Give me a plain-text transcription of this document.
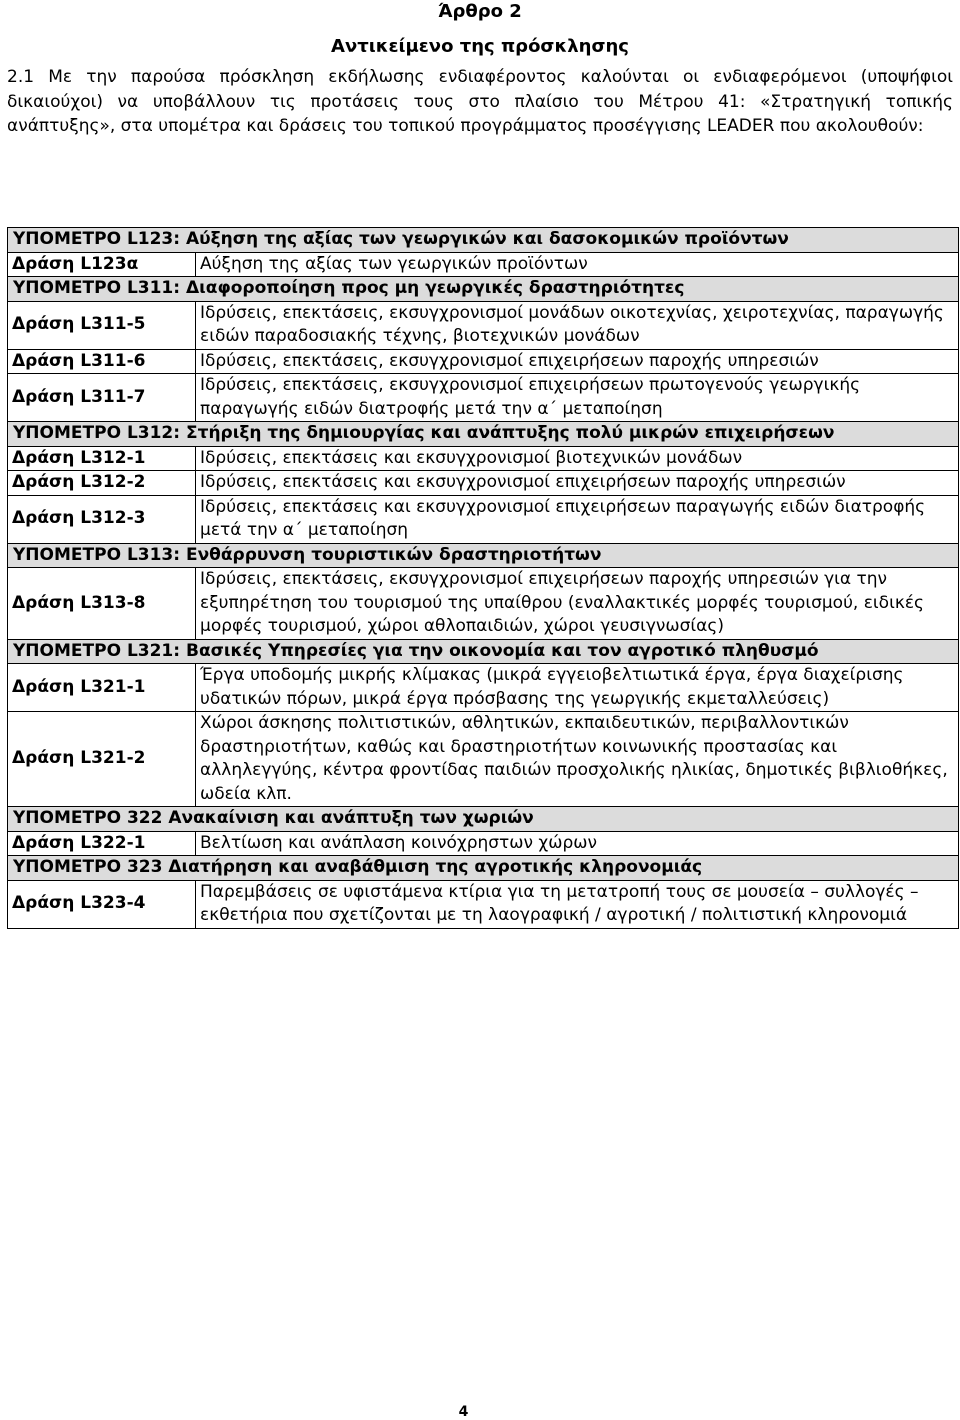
Άρθρο 2
Αντικείμενο της πρόσκλησης

2.1 Με την παρούσα πρόσκληση εκδήλωσης ενδιαφέροντος καλούνται οι ενδιαφερόμενοι (υποψήφιοι δικαιούχοι) να υποβάλλουν τις προτάσεις τους στο πλαίσιο του Μέτρου 41: «Στρατηγική τοπικής ανάπτυξης», στα υπομέτρα και δράσεις του τοπικού προγράμματος προσέγγισης LEADER που ακολουθούν:

ΥΠΟΜΕΤΡΟ L123: Αύξηση της αξίας των γεωργικών και δασοκομικών προϊόντων	
Δράση L123α	Αύξηση της αξίας των γεωργικών προϊόντων
ΥΠΟΜΕΤΡΟ L311: Διαφοροποίηση προς μη γεωργικές δραστηριότητες	
Δράση L311-5	Ιδρύσεις, επεκτάσεις, εκσυγχρονισμοί μονάδων οικοτεχνίας, χειροτεχνίας, παραγωγής ειδών παραδοσιακής τέχνης, βιοτεχνικών μονάδων
Δράση L311-6	Ιδρύσεις, επεκτάσεις, εκσυγχρονισμοί επιχειρήσεων παροχής υπηρεσιών
Δράση L311-7	Ιδρύσεις, επεκτάσεις, εκσυγχρονισμοί επιχειρήσεων πρωτογενούς γεωργικής παραγωγής ειδών διατροφής μετά την α΄ μεταποίηση
ΥΠΟΜΕΤΡΟ L312: Στήριξη της δημιουργίας και ανάπτυξης πολύ μικρών επιχειρήσεων	
Δράση L312-1	Ιδρύσεις, επεκτάσεις και εκσυγχρονισμοί βιοτεχνικών μονάδων
Δράση L312-2	Ιδρύσεις, επεκτάσεις και εκσυγχρονισμοί επιχειρήσεων παροχής υπηρεσιών
Δράση L312-3	Ιδρύσεις, επεκτάσεις και εκσυγχρονισμοί επιχειρήσεων παραγωγής ειδών διατροφής μετά την α΄ μεταποίηση
ΥΠΟΜΕΤΡΟ L313: Ενθάρρυνση τουριστικών δραστηριοτήτων	
Δράση L313-8	Ιδρύσεις, επεκτάσεις, εκσυγχρονισμοί επιχειρήσεων παροχής υπηρεσιών για την εξυπηρέτηση του τουρισμού της υπαίθρου (εναλλακτικές μορφές τουρισμού, ειδικές μορφές τουρισμού, χώροι αθλοπαιδιών, χώροι γευσιγνωσίας)
ΥΠΟΜΕΤΡΟ L321: Βασικές Υπηρεσίες για την οικονομία και τον αγροτικό πληθυσμό	
Δράση L321-1	Έργα υποδομής μικρής κλίμακας (μικρά εγγειοβελτιωτικά έργα, έργα διαχείρισης υδατικών πόρων, μικρά έργα πρόσβασης της γεωργικής εκμεταλλεύσεις)
Δράση L321-2	Χώροι άσκησης πολιτιστικών, αθλητικών, εκπαιδευτικών, περιβαλλοντικών δραστηριοτήτων, καθώς και δραστηριοτήτων κοινωνικής προστασίας και αλληλεγγύης, κέντρα φροντίδας παιδιών προσχολικής ηλικίας, δημοτικές βιβλιοθήκες, ωδεία κλπ.
ΥΠΟΜΕΤΡΟ 322 Ανακαίνιση και ανάπτυξη των χωριών	
Δράση L322-1	Βελτίωση και ανάπλαση κοινόχρηστων χώρων
ΥΠΟΜΕΤΡΟ 323 Διατήρηση και αναβάθμιση της αγροτικής κληρονομιάς	
Δράση L323-4	Παρεμβάσεις σε υφιστάμενα κτίρια για τη μετατροπή τους σε μουσεία – συλλογές – εκθετήρια που σχετίζονται με τη λαογραφική / αγροτική / πολιτιστική κληρονομιά
4
